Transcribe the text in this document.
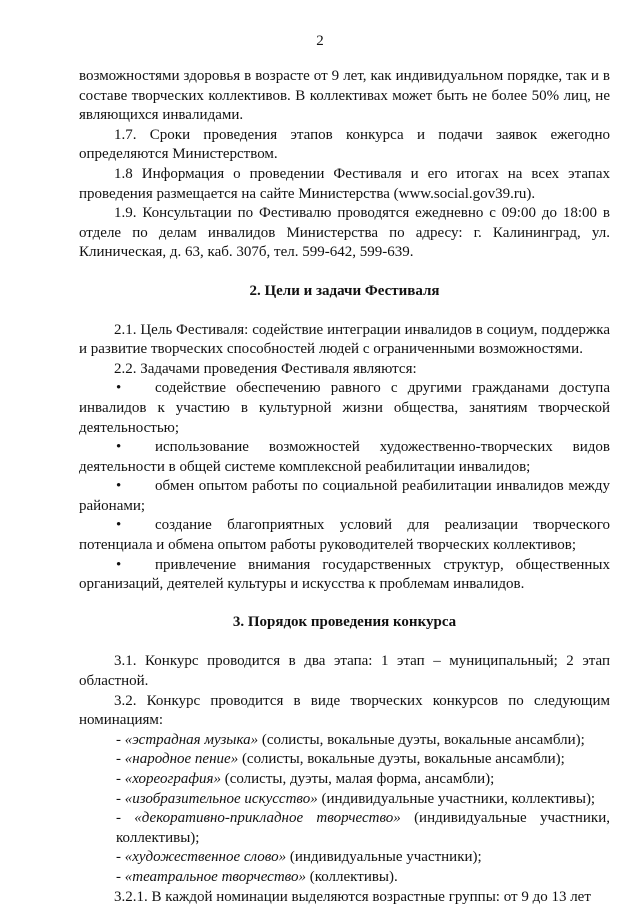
2

возможностями здоровья в возрасте от 9 лет, как индивидуальном порядке, так и в составе творческих коллективов. В коллективах может быть не более 50% лиц, не являющихся инвалидами.

1.7. Сроки проведения этапов конкурса и подачи заявок ежегодно определяются Министерством.

1.8 Информация о проведении Фестиваля и его итогах на всех этапах проведения размещается на сайте Министерства (www.social.gov39.ru).

1.9. Консультации по Фестивалю проводятся ежедневно с 09:00 до 18:00 в отделе по делам инвалидов Министерства по адресу: г. Калининград, ул. Клиническая, д. 63, каб. 307б, тел. 599-642, 599-639.

2. Цели и задачи Фестиваля

2.1. Цель Фестиваля: содействие интеграции инвалидов в социум, поддержка и развитие творческих способностей людей с ограниченными возможностями.

2.2. Задачами проведения Фестиваля являются:

• содействие обеспечению равного с другими гражданами доступа инвалидов к участию в культурной жизни общества, занятиям творческой деятельностью;

• использование возможностей художественно-творческих видов деятельности в общей системе комплексной реабилитации инвалидов;

• обмен опытом работы по социальной реабилитации инвалидов между районами;

• создание благоприятных условий для реализации творческого потенциала и обмена опытом работы руководителей творческих коллективов;

• привлечение внимания государственных структур, общественных организаций, деятелей культуры и искусства к проблемам инвалидов.

3. Порядок проведения конкурса

3.1. Конкурс проводится в два этапа: 1 этап – муниципальный; 2 этап областной.

3.2. Конкурс проводится в виде творческих конкурсов по следующим номинациям:

- «эстрадная музыка» (солисты, вокальные дуэты, вокальные ансамбли);

- «народное пение» (солисты, вокальные дуэты, вокальные ансамбли);

- «хореография» (солисты, дуэты, малая форма, ансамбли);

- «изобразительное искусство» (индивидуальные участники, коллективы);

- «декоративно-прикладное творчество» (индивидуальные участники, коллективы);

- «художественное слово» (индивидуальные участники);

- «театральное творчество» (коллективы).

3.2.1. В каждой номинации выделяются возрастные группы: от 9 до 13 лет
